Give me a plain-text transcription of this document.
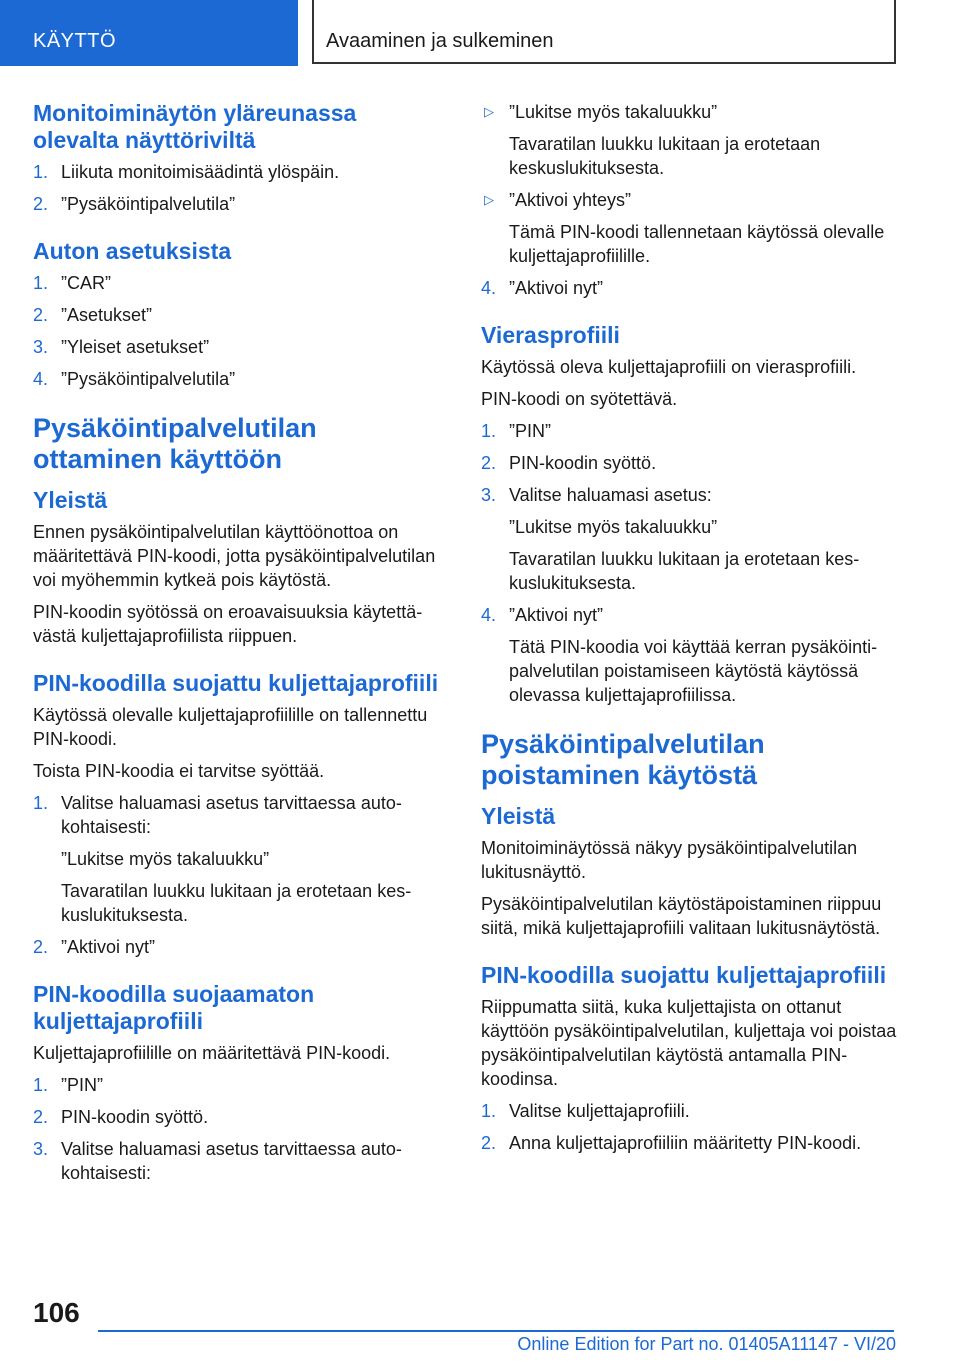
KÄYTTÖ	Avaaminen ja sulkeminen
Monitoiminäytön yläreunassa olevalta näyttöriviltä
1. Liikuta monitoimisäädintä ylöspäin.
2. ”Pysäköintipalvelutila”
Auton asetuksista
1. ”CAR”
2. ”Asetukset”
3. ”Yleiset asetukset”
4. ”Pysäköintipalvelutila”
Pysäköintipalvelutilan ottaminen käyttöön
Yleistä
Ennen pysäköintipalvelutilan käyttöönottoa on määritettävä PIN-koodi, jotta pysäköintipalvelutilan voi myöhemmin kytkeä pois käytöstä.
PIN-koodin syötössä on eroavaisuuksia käytettävästä kuljettajaprofiilista riippuen.
PIN-koodilla suojattu kuljettajaprofiili
Käytössä olevalle kuljettajaprofiilille on tallennettu PIN-koodi.
Toista PIN-koodia ei tarvitse syöttää.
1. Valitse haluamasi asetus tarvittaessa autokohtaisesti:
”Lukitse myös takaluukku”
Tavaratilan luukku lukitaan ja erotetaan keskuslukituksesta.
2. ”Aktivoi nyt”
PIN-koodilla suojaamaton kuljettajaprofiili
Kuljettajaprofiilille on määritettävä PIN-koodi.
1. ”PIN”
2. PIN-koodin syöttö.
3. Valitse haluamasi asetus tarvittaessa autokohtaisesti:
▷ ”Lukitse myös takaluukku”
Tavaratilan luukku lukitaan ja erotetaan keskuslukituksesta.
▷ ”Aktivoi yhteys”
Tämä PIN-koodi tallennetaan käytössä olevalle kuljettajaprofiilille.
4. ”Aktivoi nyt”
Vierasprofiili
Käytössä oleva kuljettajaprofiili on vierasprofiili.
PIN-koodi on syötettävä.
1. ”PIN”
2. PIN-koodin syöttö.
3. Valitse haluamasi asetus:
”Lukitse myös takaluukku”
Tavaratilan luukku lukitaan ja erotetaan keskuslukituksesta.
4. ”Aktivoi nyt”
Tätä PIN-koodia voi käyttää kerran pysäköintipalvelutilan poistamiseen käytöstä käytössä olevassa kuljettajaprofiilissa.
Pysäköintipalvelutilan poistaminen käytöstä
Yleistä
Monitoiminäytössä näkyy pysäköintipalvelutilan lukitusnäyttö.
Pysäköintipalvelutilan käytöstäpoistaminen riippuu siitä, mikä kuljettajaprofiili valitaan lukitusnäytöstä.
PIN-koodilla suojattu kuljettajaprofiili
Riippumatta siitä, kuka kuljettajista on ottanut käyttöön pysäköintipalvelutilan, kuljettaja voi poistaa pysäköintipalvelutilan käytöstä antamalla PIN-koodinsa.
1. Valitse kuljettajaprofiili.
2. Anna kuljettajaprofiiliin määritetty PIN-koodi.
106
Online Edition for Part no. 01405A11147 - VI/20
